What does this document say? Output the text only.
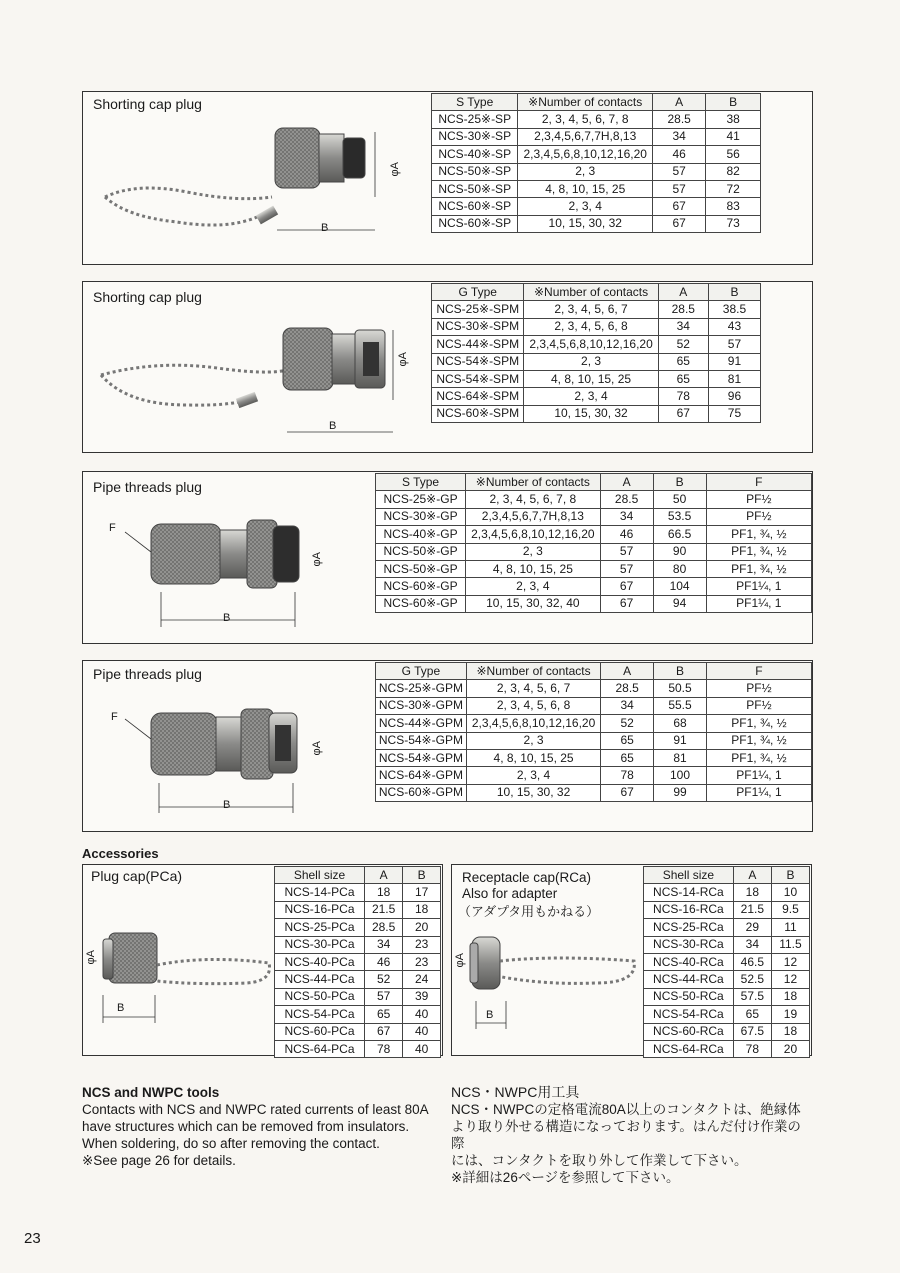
Shorting cap plug
φA
B
S Type	※Number of contacts	A	B
NCS-25※-SP	2, 3, 4, 5, 6, 7, 8	28.5	38
NCS-30※-SP	2,3,4,5,6,7,7H,8,13	34	41
NCS-40※-SP	2,3,4,5,6,8,10,12,16,20	46	56
NCS-50※-SP	2, 3	57	82
NCS-50※-SP	4, 8, 10, 15, 25	57	72
NCS-60※-SP	2, 3, 4	67	83
NCS-60※-SP	10, 15, 30, 32	67	73
Shorting cap plug
φA
B
G Type	※Number of contacts	A	B
NCS-25※-SPM	2, 3, 4, 5, 6, 7	28.5	38.5
NCS-30※-SPM	2, 3, 4, 5, 6, 8	34	43
NCS-44※-SPM	2,3,4,5,6,8,10,12,16,20	52	57
NCS-54※-SPM	2, 3	65	91
NCS-54※-SPM	4, 8, 10, 15, 25	65	81
NCS-64※-SPM	2, 3, 4	78	96
NCS-60※-SPM	10, 15, 30, 32	67	75
Pipe threads plug
F
φA
B
S Type	※Number of contacts	A	B	F
NCS-25※-GP	2, 3, 4, 5, 6, 7, 8	28.5	50	PF½
NCS-30※-GP	2,3,4,5,6,7,7H,8,13	34	53.5	PF½
NCS-40※-GP	2,3,4,5,6,8,10,12,16,20	46	66.5	PF1, ¾, ½
NCS-50※-GP	2, 3	57	90	PF1, ¾, ½
NCS-50※-GP	4, 8, 10, 15, 25	57	80	PF1, ¾, ½
NCS-60※-GP	2, 3, 4	67	104	PF1¼, 1
NCS-60※-GP	10, 15, 30, 32, 40	67	94	PF1¼, 1
Pipe threads plug
F
φA
B
G Type	※Number of contacts	A	B	F
NCS-25※-GPM	2, 3, 4, 5, 6, 7	28.5	50.5	PF½
NCS-30※-GPM	2, 3, 4, 5, 6, 8	34	55.5	PF½
NCS-44※-GPM	2,3,4,5,6,8,10,12,16,20	52	68	PF1, ¾, ½
NCS-54※-GPM	2, 3	65	91	PF1, ¾, ½
NCS-54※-GPM	4, 8, 10, 15, 25	65	81	PF1, ¾, ½
NCS-64※-GPM	2, 3, 4	78	100	PF1¼, 1
NCS-60※-GPM	10, 15, 30, 32	67	99	PF1¼, 1
Accessories
Plug cap(PCa)
φA
B
Shell size	A	B
NCS-14-PCa	18	17
NCS-16-PCa	21.5	18
NCS-25-PCa	28.5	20
NCS-30-PCa	34	23
NCS-40-PCa	46	23
NCS-44-PCa	52	24
NCS-50-PCa	57	39
NCS-54-PCa	65	40
NCS-60-PCa	67	40
NCS-64-PCa	78	40
Receptacle cap(RCa)
Also for adapter
（アダプタ用もかねる）
φA
B
Shell size	A	B
NCS-14-RCa	18	10
NCS-16-RCa	21.5	9.5
NCS-25-RCa	29	11
NCS-30-RCa	34	11.5
NCS-40-RCa	46.5	12
NCS-44-RCa	52.5	12
NCS-50-RCa	57.5	18
NCS-54-RCa	65	19
NCS-60-RCa	67.5	18
NCS-64-RCa	78	20
NCS and NWPC tools
Contacts with NCS and NWPC rated currents of least 80A
have structures which can be removed from insulators.
When soldering, do so after removing the contact.
※See page 26 for details.
NCS・NWPC用工具
NCS・NWPCの定格電流80A以上のコンタクトは、絶縁体
より取り外せる構造になっております。はんだ付け作業の際
には、コンタクトを取り外して作業して下さい。
※詳細は26ページを参照して下さい。
23
